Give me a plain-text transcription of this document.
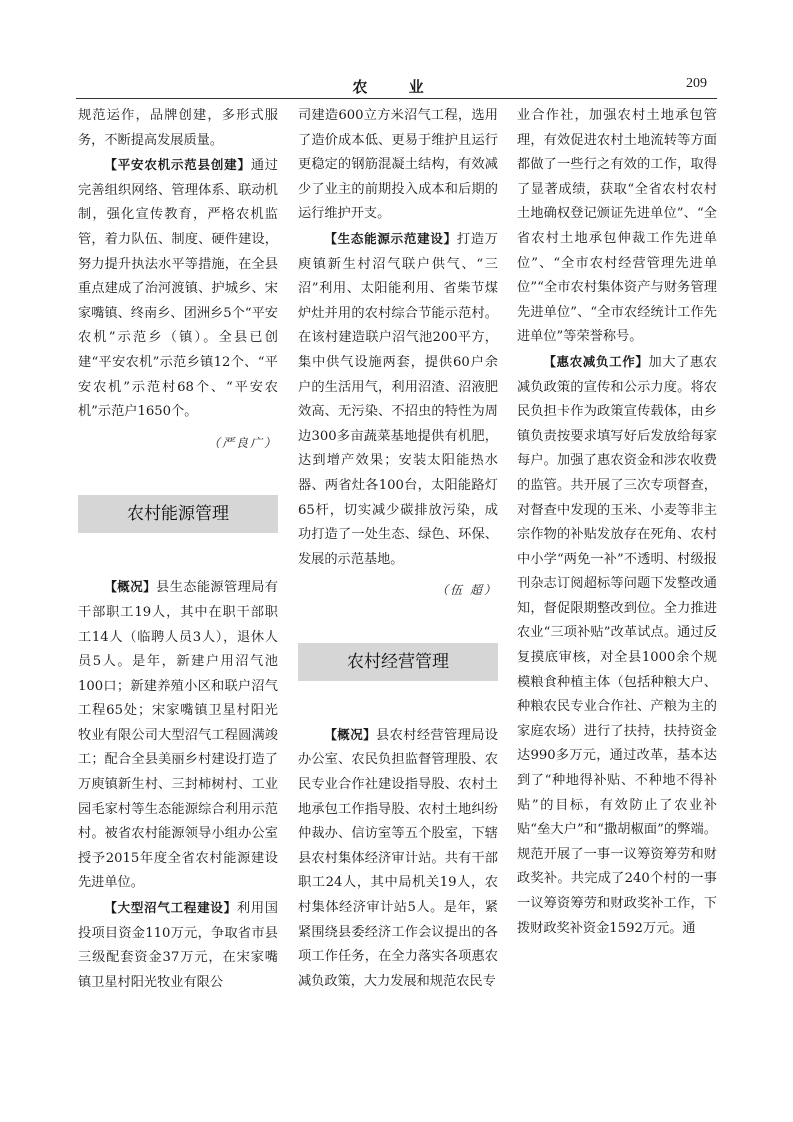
农 业	209

规范运作，品牌创建，多形式服务，不断提高发展质量。

【平安农机示范县创建】通过完善组织网络、管理体系、联动机制，强化宣传教育，严格农机监管，着力队伍、制度、硬件建设，努力提升执法水平等措施，在全县重点建成了治河渡镇、护城乡、宋家嘴镇、终南乡、团洲乡5个“平安农机”示范乡（镇）。全县已创建“平安农机”示范乡镇12个、“平安农机”示范村68个、“平安农机”示范户1650个。

（严良广）
农村能源管理

【概况】县生态能源管理局有干部职工19人，其中在职干部职工14人（临聘人员3人），退休人员5人。是年，新建户用沼气池100口；新建养殖小区和联户沼气工程65处；宋家嘴镇卫星村阳光牧业有限公司大型沼气工程圆满竣工；配合全县美丽乡村建设打造了万庾镇新生村、三封柿树村、工业园毛家村等生态能源综合利用示范村。被省农村能源领导小组办公室授予2015年度全省农村能源建设先进单位。

【大型沼气工程建设】利用国投项目资金110万元，争取省市县三级配套资金37万元，在宋家嘴镇卫星村阳光牧业有限公

司建造600立方米沼气工程，选用了造价成本低、更易于维护且运行更稳定的钢筋混凝土结构，有效减少了业主的前期投入成本和后期的运行维护开支。

【生态能源示范建设】打造万庾镇新生村沼气联户供气、“三沼”利用、太阳能利用、省柴节煤炉灶并用的农村综合节能示范村。在该村建造联户沼气池200平方，集中供气设施两套，提供60户余户的生活用气，利用沼渣、沼液肥效高、无污染、不招虫的特性为周边300多亩蔬菜基地提供有机肥，达到增产效果；安装太阳能热水器、两省灶各100台，太阳能路灯65杆，切实减少碳排放污染，成功打造了一处生态、绿色、环保、发展的示范基地。

（伍 超）
农村经营管理

【概况】县农村经营管理局设办公室、农民负担监督管理股、农民专业合作社建设指导股、农村土地承包工作指导股、农村土地纠纷仲裁办、信访室等五个股室，下辖县农村集体经济审计站。共有干部职工24人，其中局机关19人，农村集体经济审计站5人。是年，紧紧围绕县委经济工作会议提出的各项工作任务，在全力落实各项惠农减负政策，大力发展和规范农民专

业合作社，加强农村土地承包管理，有效促进农村土地流转等方面都做了一些行之有效的工作，取得了显著成绩，获取“全省农村农村土地确权登记颁证先进单位”、“全省农村土地承包伸裁工作先进单位”、“全市农村经营管理先进单位”“全市农村集体资产与财务管理先进单位”、“全市农经统计工作先进单位”等荣誉称号。

【惠农减负工作】加大了惠农减负政策的宣传和公示力度。将农民负担卡作为政策宣传载体，由乡镇负责按要求填写好后发放给每家每户。加强了惠农资金和涉农收费的监管。共开展了三次专项督查，对督查中发现的玉米、小麦等非主宗作物的补贴发放存在死角、农村中小学“两免一补”不透明、村级报刊杂志订阅超标等问题下发整改通知，督促限期整改到位。全力推进农业“三项补贴”改革试点。通过反复摸底审核，对全县1000余个规模粮食种植主体（包括种粮大户、种粮农民专业合作社、产粮为主的家庭农场）进行了扶持，扶持资金达990多万元，通过改革，基本达到了“种地得补贴、不种地不得补贴”的目标，有效防止了农业补贴“垒大户”和“撒胡椒面”的弊端。规范开展了一事一议筹资筹劳和财政奖补。共完成了240个村的一事一议筹资筹劳和财政奖补工作，下拨财政奖补资金1592万元。通
